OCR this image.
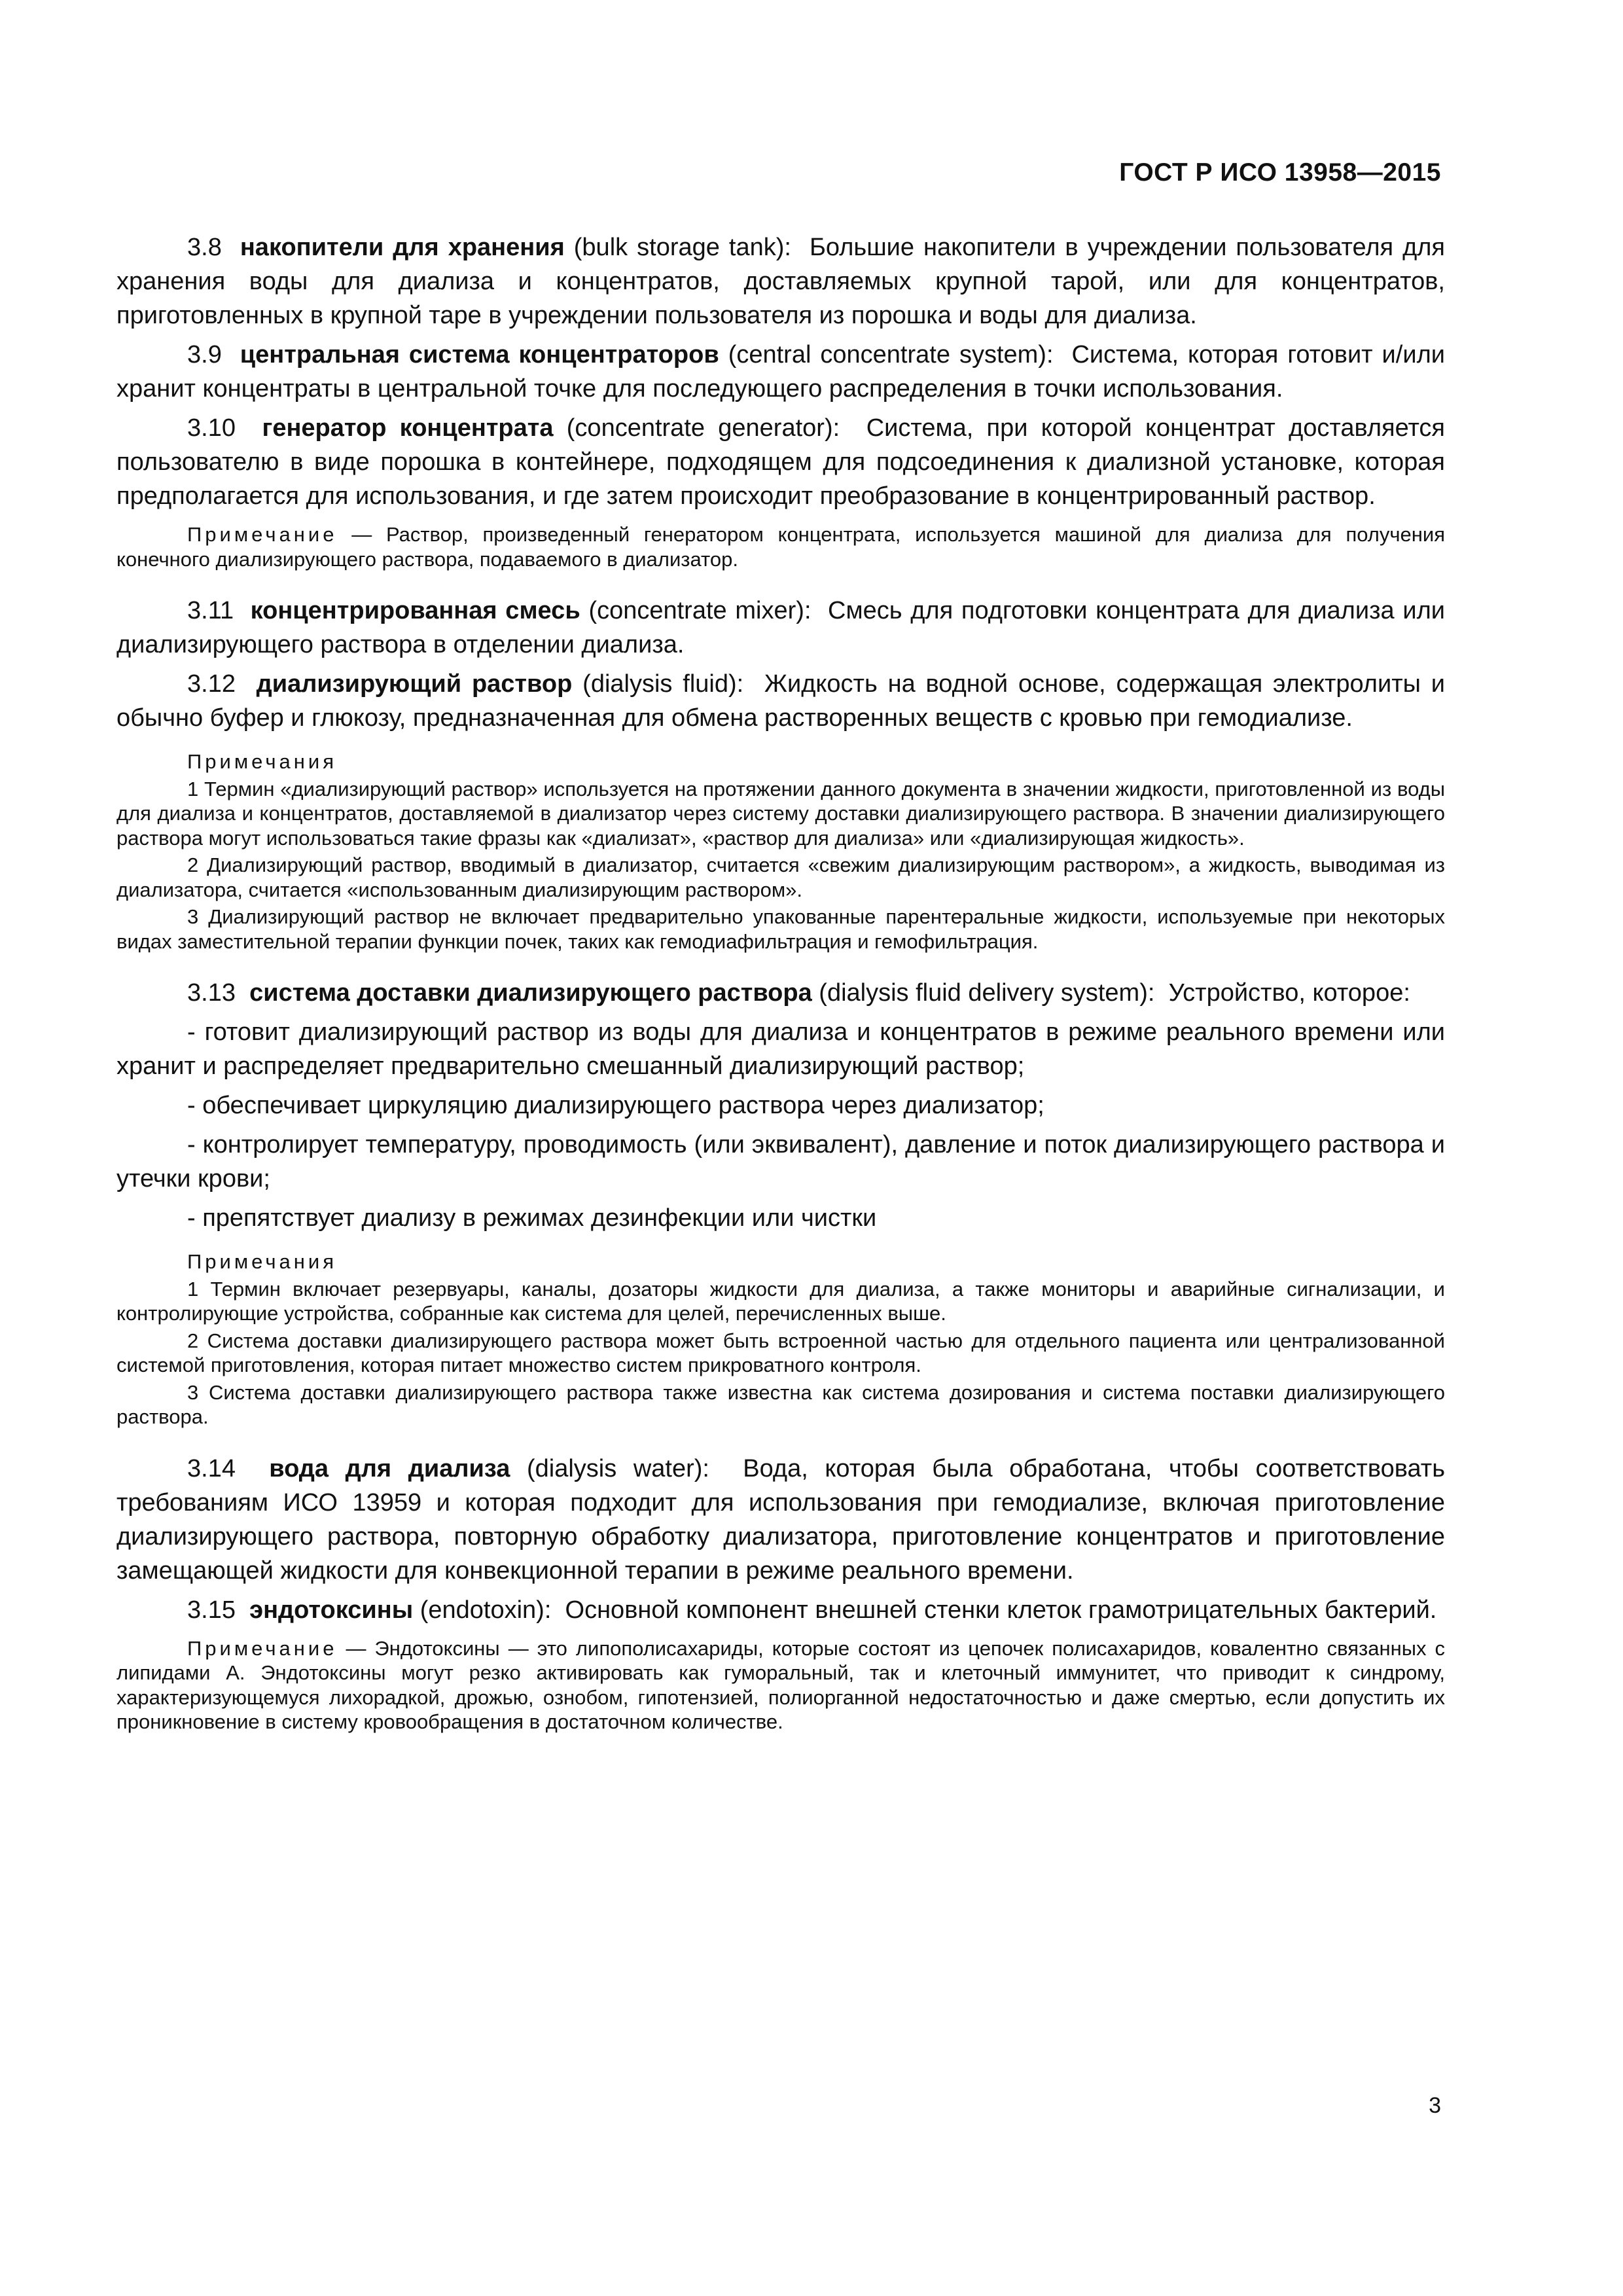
ГОСТ Р ИСО 13958—2015

3.8 накопители для хранения (bulk storage tank): Большие накопители в учреждении пользователя для хранения воды для диализа и концентратов, доставляемых крупной тарой, или для концентратов, приготовленных в крупной таре в учреждении пользователя из порошка и воды для диализа.

3.9 центральная система концентраторов (central concentrate system): Система, которая готовит и/или хранит концентраты в центральной точке для последующего распределения в точки использования.

3.10 генератор концентрата (concentrate generator): Система, при которой концентрат доставляется пользователю в виде порошка в контейнере, подходящем для подсоединения к диализной установке, которая предполагается для использования, и где затем происходит преобразование в концентрированный раствор.

Примечание — Раствор, произведенный генератором концентрата, используется машиной для диализа для получения конечного диализирующего раствора, подаваемого в диализатор.

3.11 концентрированная смесь (concentrate mixer): Смесь для подготовки концентрата для диализа или диализирующего раствора в отделении диализа.

3.12 диализирующий раствор (dialysis fluid): Жидкость на водной основе, содержащая электролиты и обычно буфер и глюкозу, предназначенная для обмена растворенных веществ с кровью при гемодиализе.

Примечания

1 Термин «диализирующий раствор» используется на протяжении данного документа в значении жидкости, приготовленной из воды для диализа и концентратов, доставляемой в диализатор через систему доставки диализирующего раствора. В значении диализирующего раствора могут использоваться такие фразы как «диализат», «раствор для диализа» или «диализирующая жидкость».

2 Диализирующий раствор, вводимый в диализатор, считается «свежим диализирующим раствором», а жидкость, выводимая из диализатора, считается «использованным диализирующим раствором».

3 Диализирующий раствор не включает предварительно упакованные парентеральные жидкости, используемые при некоторых видах заместительной терапии функции почек, таких как гемодиафильтрация и гемофильтрация.

3.13 система доставки диализирующего раствора (dialysis fluid delivery system): Устройство, которое:

- готовит диализирующий раствор из воды для диализа и концентратов в режиме реального времени или хранит и распределяет предварительно смешанный диализирующий раствор;

- обеспечивает циркуляцию диализирующего раствора через диализатор;

- контролирует температуру, проводимость (или эквивалент), давление и поток диализирующего раствора и утечки крови;

- препятствует диализу в режимах дезинфекции или чистки

Примечания

1 Термин включает резервуары, каналы, дозаторы жидкости для диализа, а также мониторы и аварийные сигнализации, и контролирующие устройства, собранные как система для целей, перечисленных выше.

2 Система доставки диализирующего раствора может быть встроенной частью для отдельного пациента или централизованной системой приготовления, которая питает множество систем прикроватного контроля.

3 Система доставки диализирующего раствора также известна как система дозирования и система поставки диализирующего раствора.

3.14 вода для диализа (dialysis water): Вода, которая была обработана, чтобы соответствовать требованиям ИСО 13959 и которая подходит для использования при гемодиализе, включая приготовление диализирующего раствора, повторную обработку диализатора, приготовление концентратов и приготовление замещающей жидкости для конвекционной терапии в режиме реального времени.

3.15 эндотоксины (endotoxin): Основной компонент внешней стенки клеток грамотрицательных бактерий.

Примечание — Эндотоксины — это липополисахариды, которые состоят из цепочек полисахаридов, ковалентно связанных с липидами А. Эндотоксины могут резко активировать как гуморальный, так и клеточный иммунитет, что приводит к синдрому, характеризующемуся лихорадкой, дрожью, ознобом, гипотензией, полиорганной недостаточностью и даже смертью, если допустить их проникновение в систему кровообращения в достаточном количестве.

3
